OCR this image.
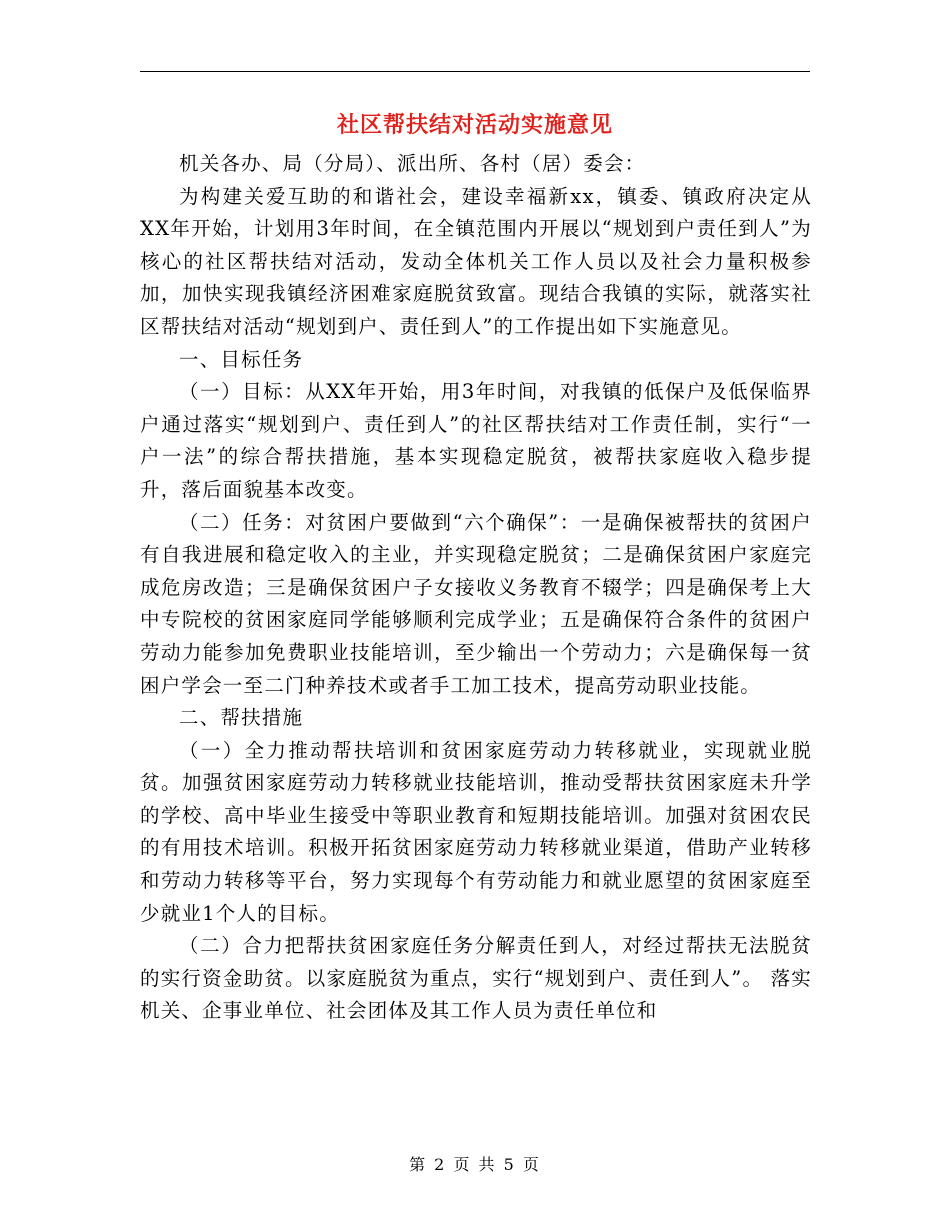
社区帮扶结对活动实施意见

机关各办、局（分局）、派出所、各村（居）委会：

为构建关爱互助的和谐社会，建设幸福新xx，镇委、镇政府决定从XX年开始，计划用3年时间，在全镇范围内开展以“规划到户责任到人”为核心的社区帮扶结对活动，发动全体机关工作人员以及社会力量积极参加，加快实现我镇经济困难家庭脱贫致富。现结合我镇的实际，就落实社区帮扶结对活动“规划到户、责任到人”的工作提出如下实施意见。

一、目标任务

（一）目标：从XX年开始，用3年时间，对我镇的低保户及低保临界户通过落实“规划到户、责任到人”的社区帮扶结对工作责任制，实行“一户一法”的综合帮扶措施，基本实现稳定脱贫，被帮扶家庭收入稳步提升，落后面貌基本改变。

（二）任务：对贫困户要做到“六个确保”：一是确保被帮扶的贫困户有自我进展和稳定收入的主业，并实现稳定脱贫；二是确保贫困户家庭完成危房改造；三是确保贫困户子女接收义务教育不辍学；四是确保考上大中专院校的贫困家庭同学能够顺利完成学业；五是确保符合条件的贫困户劳动力能参加免费职业技能培训，至少输出一个劳动力；六是确保每一贫困户学会一至二门种养技术或者手工加工技术，提高劳动职业技能。

二、帮扶措施

（一）全力推动帮扶培训和贫困家庭劳动力转移就业，实现就业脱贫。加强贫困家庭劳动力转移就业技能培训，推动受帮扶贫困家庭未升学的学校、高中毕业生接受中等职业教育和短期技能培训。加强对贫困农民的有用技术培训。积极开拓贫困家庭劳动力转移就业渠道，借助产业转移和劳动力转移等平台，努力实现每个有劳动能力和就业愿望的贫困家庭至少就业1个人的目标。

（二）合力把帮扶贫困家庭任务分解责任到人，对经过帮扶无法脱贫的实行资金助贫。以家庭脱贫为重点，实行“规划到户、责任到人”。 落实机关、企事业单位、社会团体及其工作人员为责任单位和

第 2 页 共 5 页
